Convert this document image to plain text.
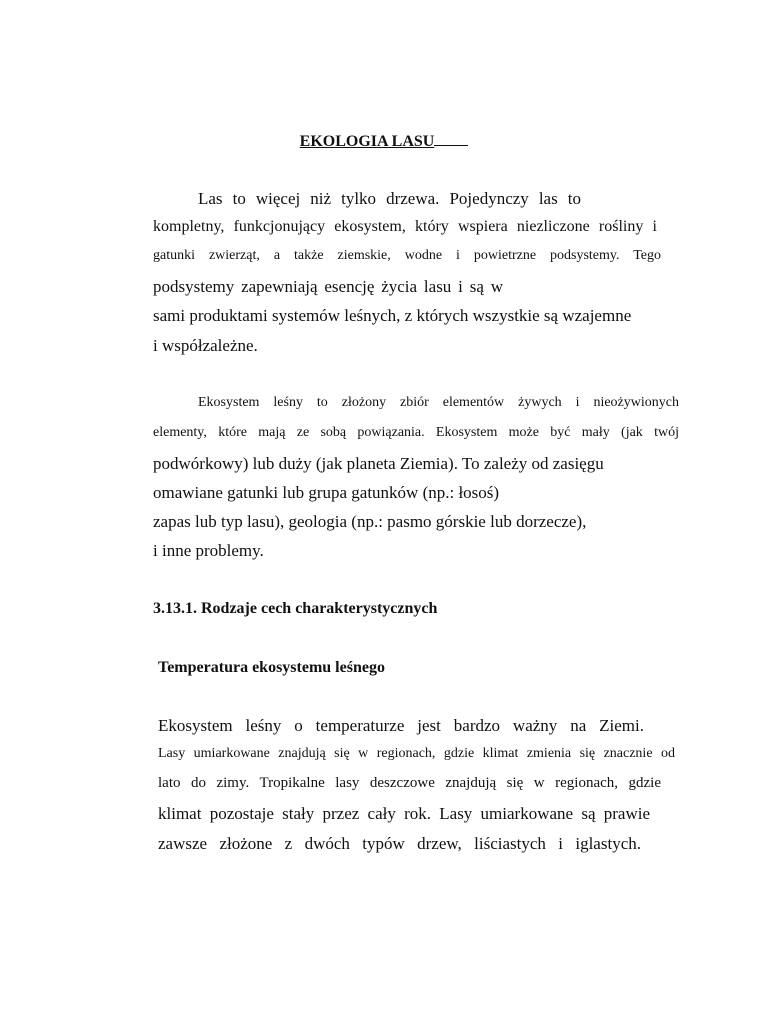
EKOLOGIA LASU
Las to więcej niż tylko drzewa. Pojedynczy las to
kompletny, funkcjonujący ekosystem, który wspiera niezliczone rośliny i
gatunki zwierząt, a także ziemskie, wodne i powietrzne podsystemy. Tego
podsystemy zapewniają esencję życia lasu i są w
sami produktami systemów leśnych, z których wszystkie są wzajemne
i współzależne.
Ekosystem leśny to złożony zbiór elementów żywych i nieożywionych
elementy, które mają ze sobą powiązania. Ekosystem może być mały (jak twój
podwórkowy) lub duży (jak planeta Ziemia). To zależy od zasięgu
omawiane gatunki lub grupa gatunków (np.: łosoś)
zapas lub typ lasu), geologia (np.: pasmo górskie lub dorzecze),
i inne problemy.
3.13.1. Rodzaje cech charakterystycznych
Temperatura ekosystemu leśnego
Ekosystem leśny o temperaturze jest bardzo ważny na Ziemi.
Lasy umiarkowane znajdują się w regionach, gdzie klimat zmienia się znacznie od
lato do zimy. Tropikalne lasy deszczowe znajdują się w regionach, gdzie
klimat pozostaje stały przez cały rok. Lasy umiarkowane są prawie
zawsze złożone z dwóch typów drzew, liściastych i iglastych.
